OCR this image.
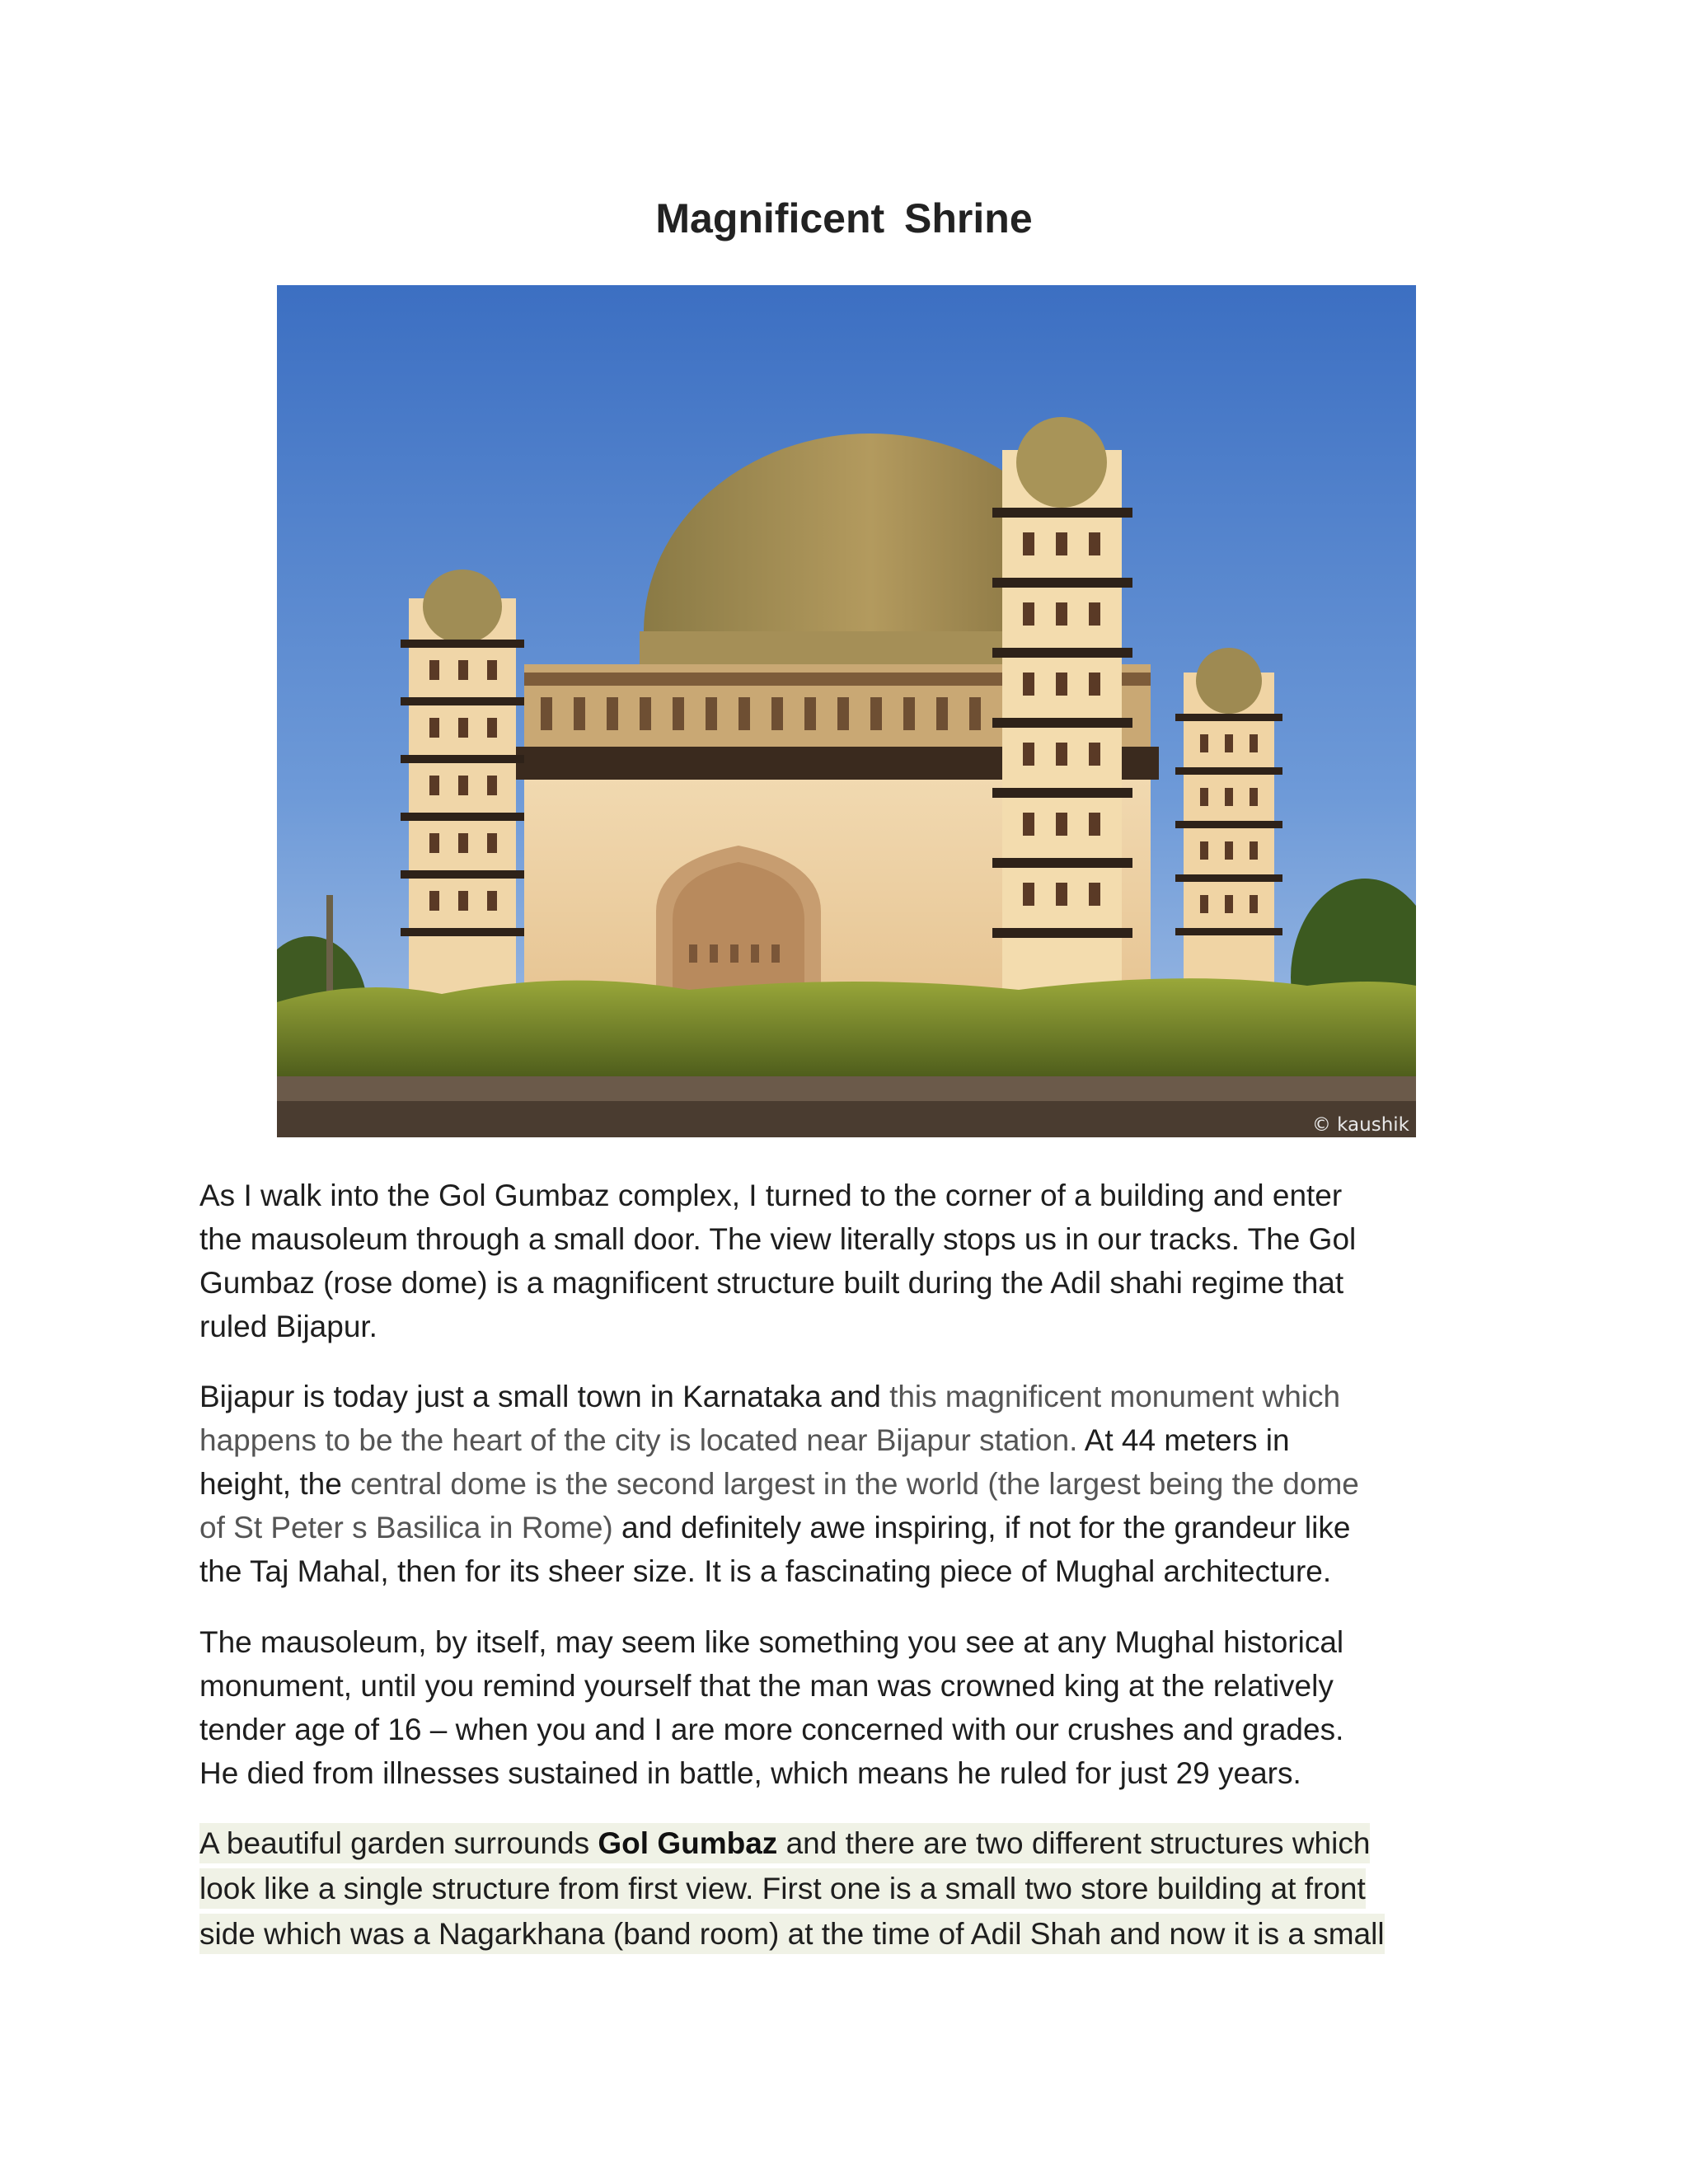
Magnificent Shrine
© kaushik
As I walk into the Gol Gumbaz complex, I turned to the corner of a building and enter
the mausoleum through a small door. The view literally stops us in our tracks. The Gol
Gumbaz (rose dome) is a magnificent structure built during the Adil shahi regime that
ruled Bijapur.
Bijapur is today just a small town in Karnataka and this magnificent monument which
happens to be the heart of the city is located near Bijapur station. At 44 meters in
height, the central dome is the second largest in the world (the largest being the dome
of St Peter s Basilica in Rome) and definitely awe inspiring, if not for the grandeur like
the Taj Mahal, then for its sheer size. It is a fascinating piece of Mughal architecture.
The mausoleum, by itself, may seem like something you see at any Mughal historical
monument, until you remind yourself that the man was crowned king at the relatively
tender age of 16 – when you and I are more concerned with our crushes and grades.
He died from illnesses sustained in battle, which means he ruled for just 29 years.
A beautiful garden surrounds Gol Gumbaz and there are two different structures which
look like a single structure from first view. First one is a small two store building at front
side which was a Nagarkhana (band room) at the time of Adil Shah and now it is a small
